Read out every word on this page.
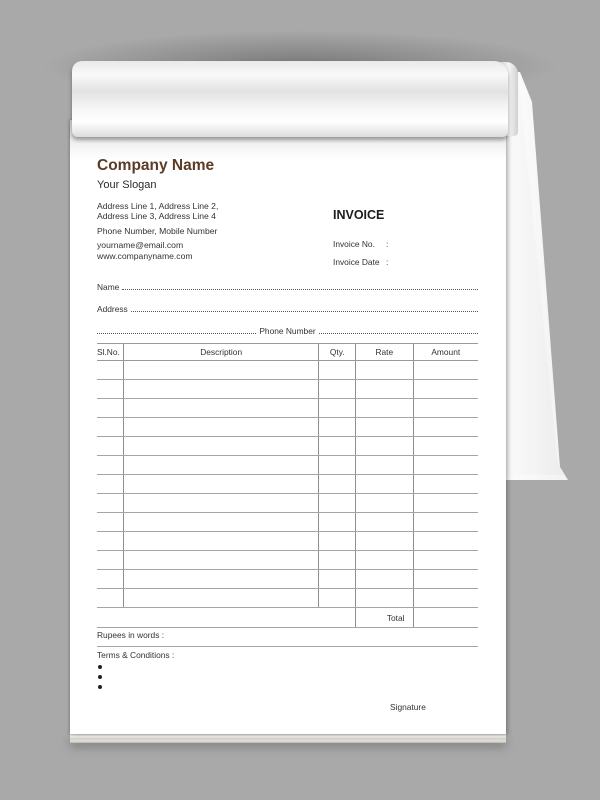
Company Name
Your Slogan
Address Line 1, Address Line 2,
Address Line 3, Address Line 4
Phone Number, Mobile Number
yourname@email.com
www.companyname.com
INVOICE
Invoice No. :
Invoice Date :
Name
Address
Phone Number
Sl.No.	Description	Qty.	Rate	Amount

			Total	
Rupees in words :
Terms & Conditions :
Signature
